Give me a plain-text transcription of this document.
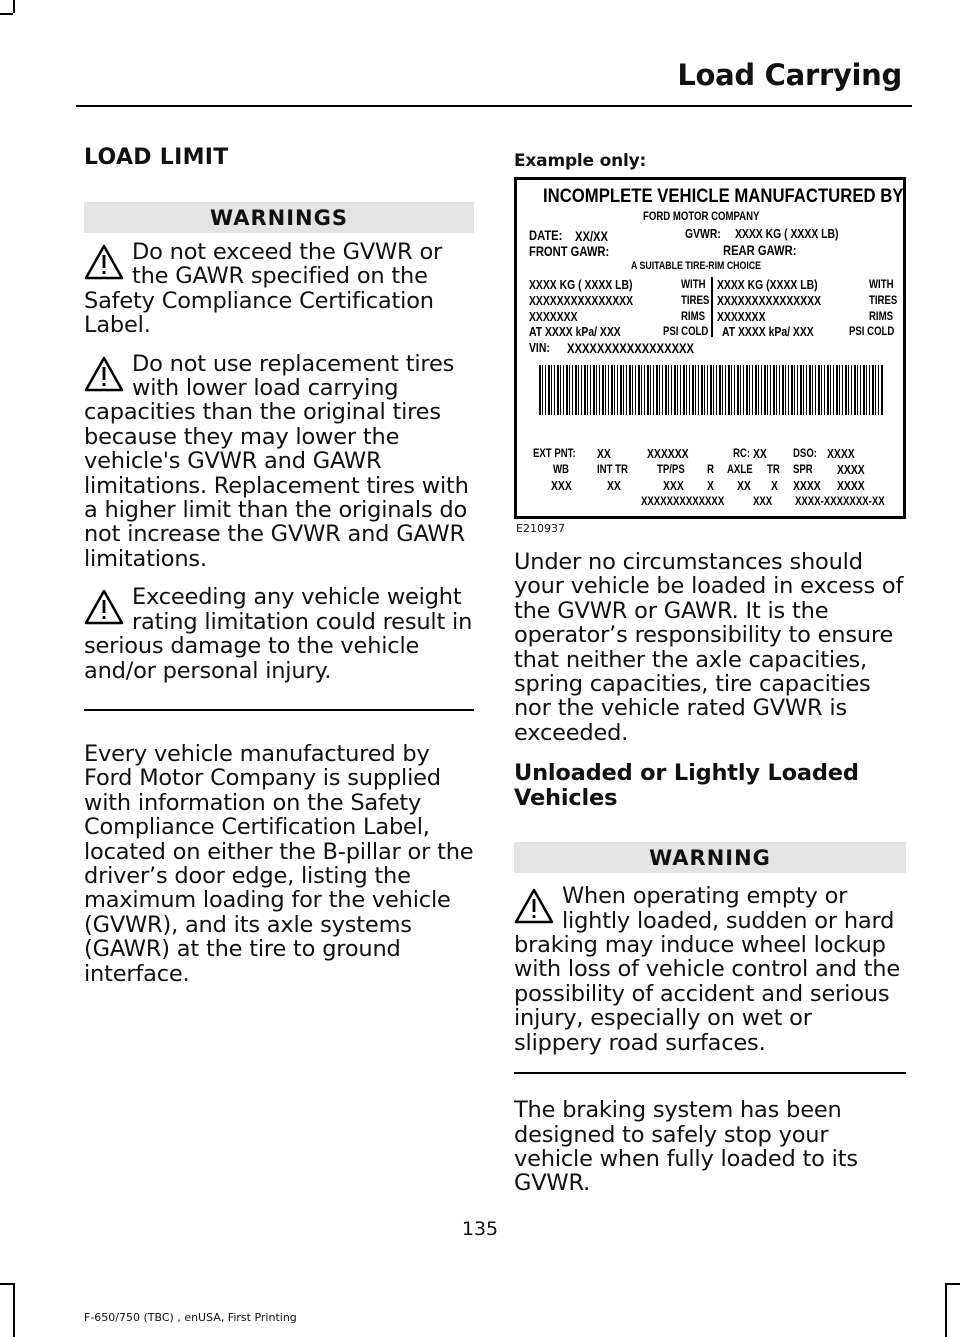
Load Carrying
LOAD LIMIT
WARNINGS

Do not exceed the GVWR or the GAWR specified on the Safety Compliance Certification Label.

Do not use replacement tires with lower load carrying capacities than the original tires because they may lower the vehicle's GVWR and GAWR limitations. Replacement tires with a higher limit than the originals do not increase the GVWR and GAWR limitations.

Exceeding any vehicle weight rating limitation could result in serious damage to the vehicle and/or personal injury.

Every vehicle manufactured by Ford Motor Company is supplied with information on the Safety Compliance Certification Label, located on either the B-pillar or the driver’s door edge, listing the maximum loading for the vehicle (GVWR), and its axle systems (GAWR) at the tire to ground interface.

Example only:

INCOMPLETE VEHICLE MANUFACTURED BY
FORD MOTOR COMPANY
DATE: XX/XX	GVWR: XXXX KG ( XXXX LB)
FRONT GAWR:	REAR GAWR:
A SUITABLE TIRE-RIM CHOICE
XXXX KG ( XXXX LB)
XXXXXXXXXXXXXXX
XXXXXXX
AT XXXX kPa/ XXX
WITH
TIRES
RIMS
PSI COLD
XXXX KG (XXXX LB)
XXXXXXXXXXXXXXX
XXXXXXX
AT XXXX kPa/ XXX
WITH
TIRES
RIMS
PSI COLD
VIN: XXXXXXXXXXXXXXXXX
EXT PNT: XX	XXXXXX	RC: XX DSO: XXXX
WB INT TR TP/PS R AXLE TR SPR XXXX
XXX	XX	XXX X XX X XXXX XXXX
XXXXXXXXXXXXX XXX XXXX-XXXXXXX-XX
E210937

Under no circumstances should your vehicle be loaded in excess of the GVWR or GAWR. It is the operator’s responsibility to ensure that neither the axle capacities, spring capacities, tire capacities nor the vehicle rated GVWR is exceeded.

Unloaded or Lightly Loaded Vehicles

WARNING

When operating empty or lightly loaded, sudden or hard braking may induce wheel lockup with loss of vehicle control and the possibility of accident and serious injury, especially on wet or slippery road surfaces.

The braking system has been designed to safely stop your vehicle when fully loaded to its GVWR.

135
F-650/750 (TBC) , enUSA, First Printing
